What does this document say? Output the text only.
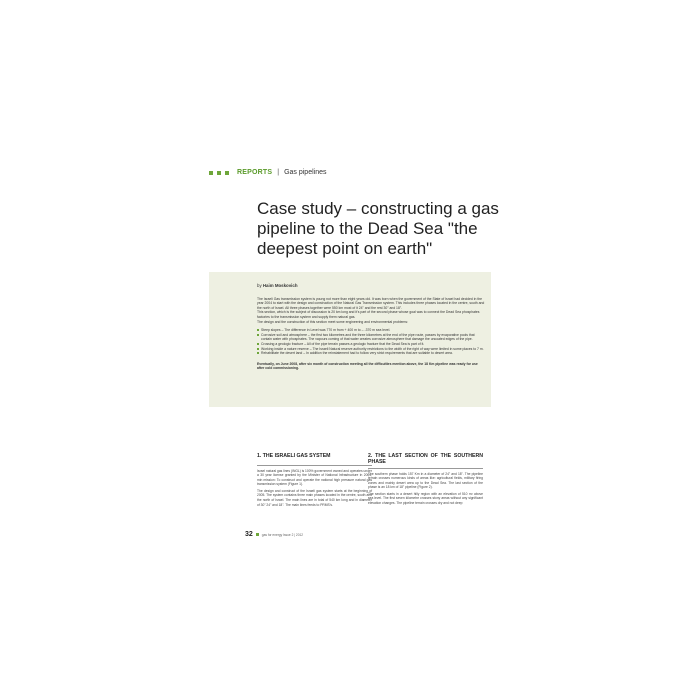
REPORTS | Gas pipelines
Case study – constructing a gas pipeline to the Dead Sea "the deepest point on earth"
by Haim Moskovich

The Israeli Gas transmission system is young not more than eight years old. It was born when the government of the State of Israel had decided in the year 2004 to start with the design and construction of the Natural Gas Transmission system. This includes three phases located in the centre, south and the north of Israel. All three phases together were 550 km most of it 24" and the rest 30" and 18".

This section, which is the subject of discussion is 20 km long and it's part of the second phase whose goal was to connect the Dead Sea phosphates factories to the transmission system and supply them natural gas.

The design and the construction of this section meet some engineering and environmental problems:

Steep slopes – The difference in Level was 770 m from + 400 m to – -370 m sea level.
Corrosive soil and atmosphere – the first two kilometres and the three kilometres at the end of the pipe route, passes by evaporative pools that contain water with phosphates. The vapours coming of that water creates corrosive atmosphere that damage the uncoated edges of the pipe.
Crossing a geologic fracture – All of the pipe terrain passes a geologic fracture that the Dead Sea is part of it.
Working inside a nature reserve – The Israeli Natural reserve authority restrictions to the width of the right of way were limited in some places to 7 m.
Rehabilitate the desert land – In addition the reinstatement had to follow very strict requirements that are suitable to desert area.

Eventually, on June 2008, after six month of construction meeting all the difficulties mention above, the 18 Km pipeline was ready for use after cold commissioning.

1. THE ISRAELI GAS SYSTEM

Israel natural gas lines (INGL) is 100% government owned and operates under a 30 year license granted by the Minister of National Infrastructure in 2004, min mission: To construct and operate the national high pressure natural gas transmission system (Figure 1).

The design and construct of the Israeli gas system starts at the beginning of 2005. The system contains three main phases located in the centre, south and the north of Israel. The main lines are in total of 540 km long and in diameter of 30" 24" and 18". The main lines feeds to PRMS's.

2. THE LAST SECTION OF THE SOUTHERN PHASE

The southern phase holds 157 Km in a diameter of 24" and 18". The pipeline terrain crosses numerous kinds of areas like: agricultural fields, military firing zones and mainly desert area up to the Dead Sea. The last section of the phase is an 18 km of 18" pipeline (Figure 2).

The section starts in a desert hilly region with an elevation of 510 m² above sea level. The first seven kilometre crosses stony areas without any significant elevation changes. The pipeline terrain crosses dry and not deep

32	gas for energy Issue 2 | 2012
